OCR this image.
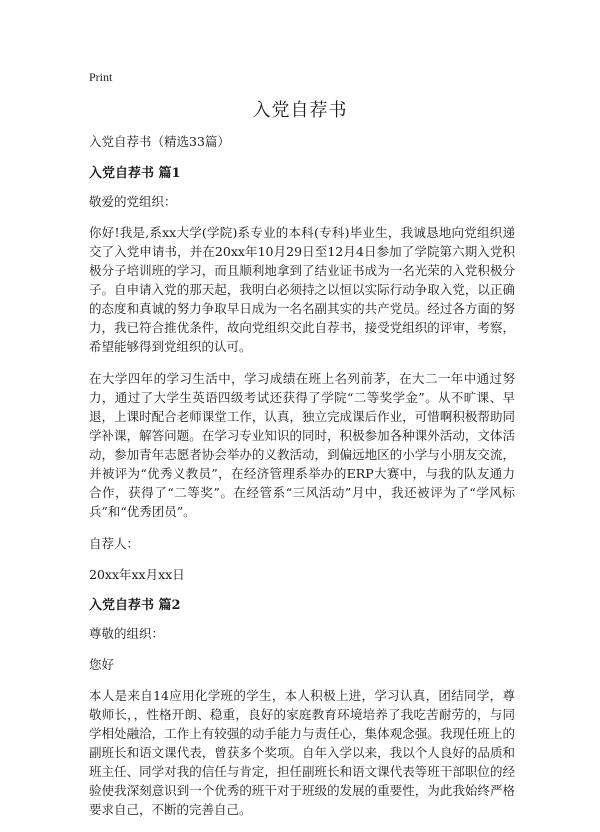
Print
入党自荐书

入党自荐书（精选33篇）

入党自荐书 篇1

敬爱的党组织：

你好!我是,系xx大学(学院)系专业的本科(专科)毕业生，我诚恳地向党组织递交了入党申请书，并在20xx年10月29日至12月4日参加了学院第六期入党积极分子培训班的学习，而且顺利地拿到了结业证书成为一名光荣的入党积极分子。自申请入党的那天起，我明白必须持之以恒以实际行动争取入党，以正确的态度和真诚的努力争取早日成为一名名副其实的共产党员。经过各方面的努力，我已符合推优条件，故向党组织交此自荐书，接受党组织的评审，考察，希望能够得到党组织的认可。

在大学四年的学习生活中，学习成绩在班上名列前茅，在大二一年中通过努力，通过了大学生英语四级考试还获得了学院“二等奖学金”。从不旷课、早退，上课时配合老师课堂工作，认真，独立完成课后作业，可惜啊积极帮助同学补课，解答问题。在学习专业知识的同时，积极参加各种课外活动，文体活动，参加青年志愿者协会举办的义教活动，到偏远地区的小学与小朋友交流，并被评为“优秀义教员”，在经济管理系举办的ERP大赛中，与我的队友通力合作，获得了“二等奖”。在经管系“三风活动”月中，我还被评为了“学风标兵”和“优秀团员”。

自荐人：

20xx年xx月xx日

入党自荐书 篇2

尊敬的组织：

您好

本人是来自14应用化学班的学生，本人积极上进，学习认真，团结同学，尊敬师长，，性格开朗、稳重，良好的家庭教育环境培养了我吃苦耐劳的，与同学相处融洽，工作上有较强的动手能力与责任心，集体观念强。我现任班上的副班长和语文课代表，曾获多个奖项。自年入学以来，我以个人良好的品质和班主任、同学对我的信任与肯定，担任副班长和语文课代表等班干部职位的经验使我深刻意识到一个优秀的班干对于班级的发展的重要性，为此我始终严格要求自己，不断的完善自己。
